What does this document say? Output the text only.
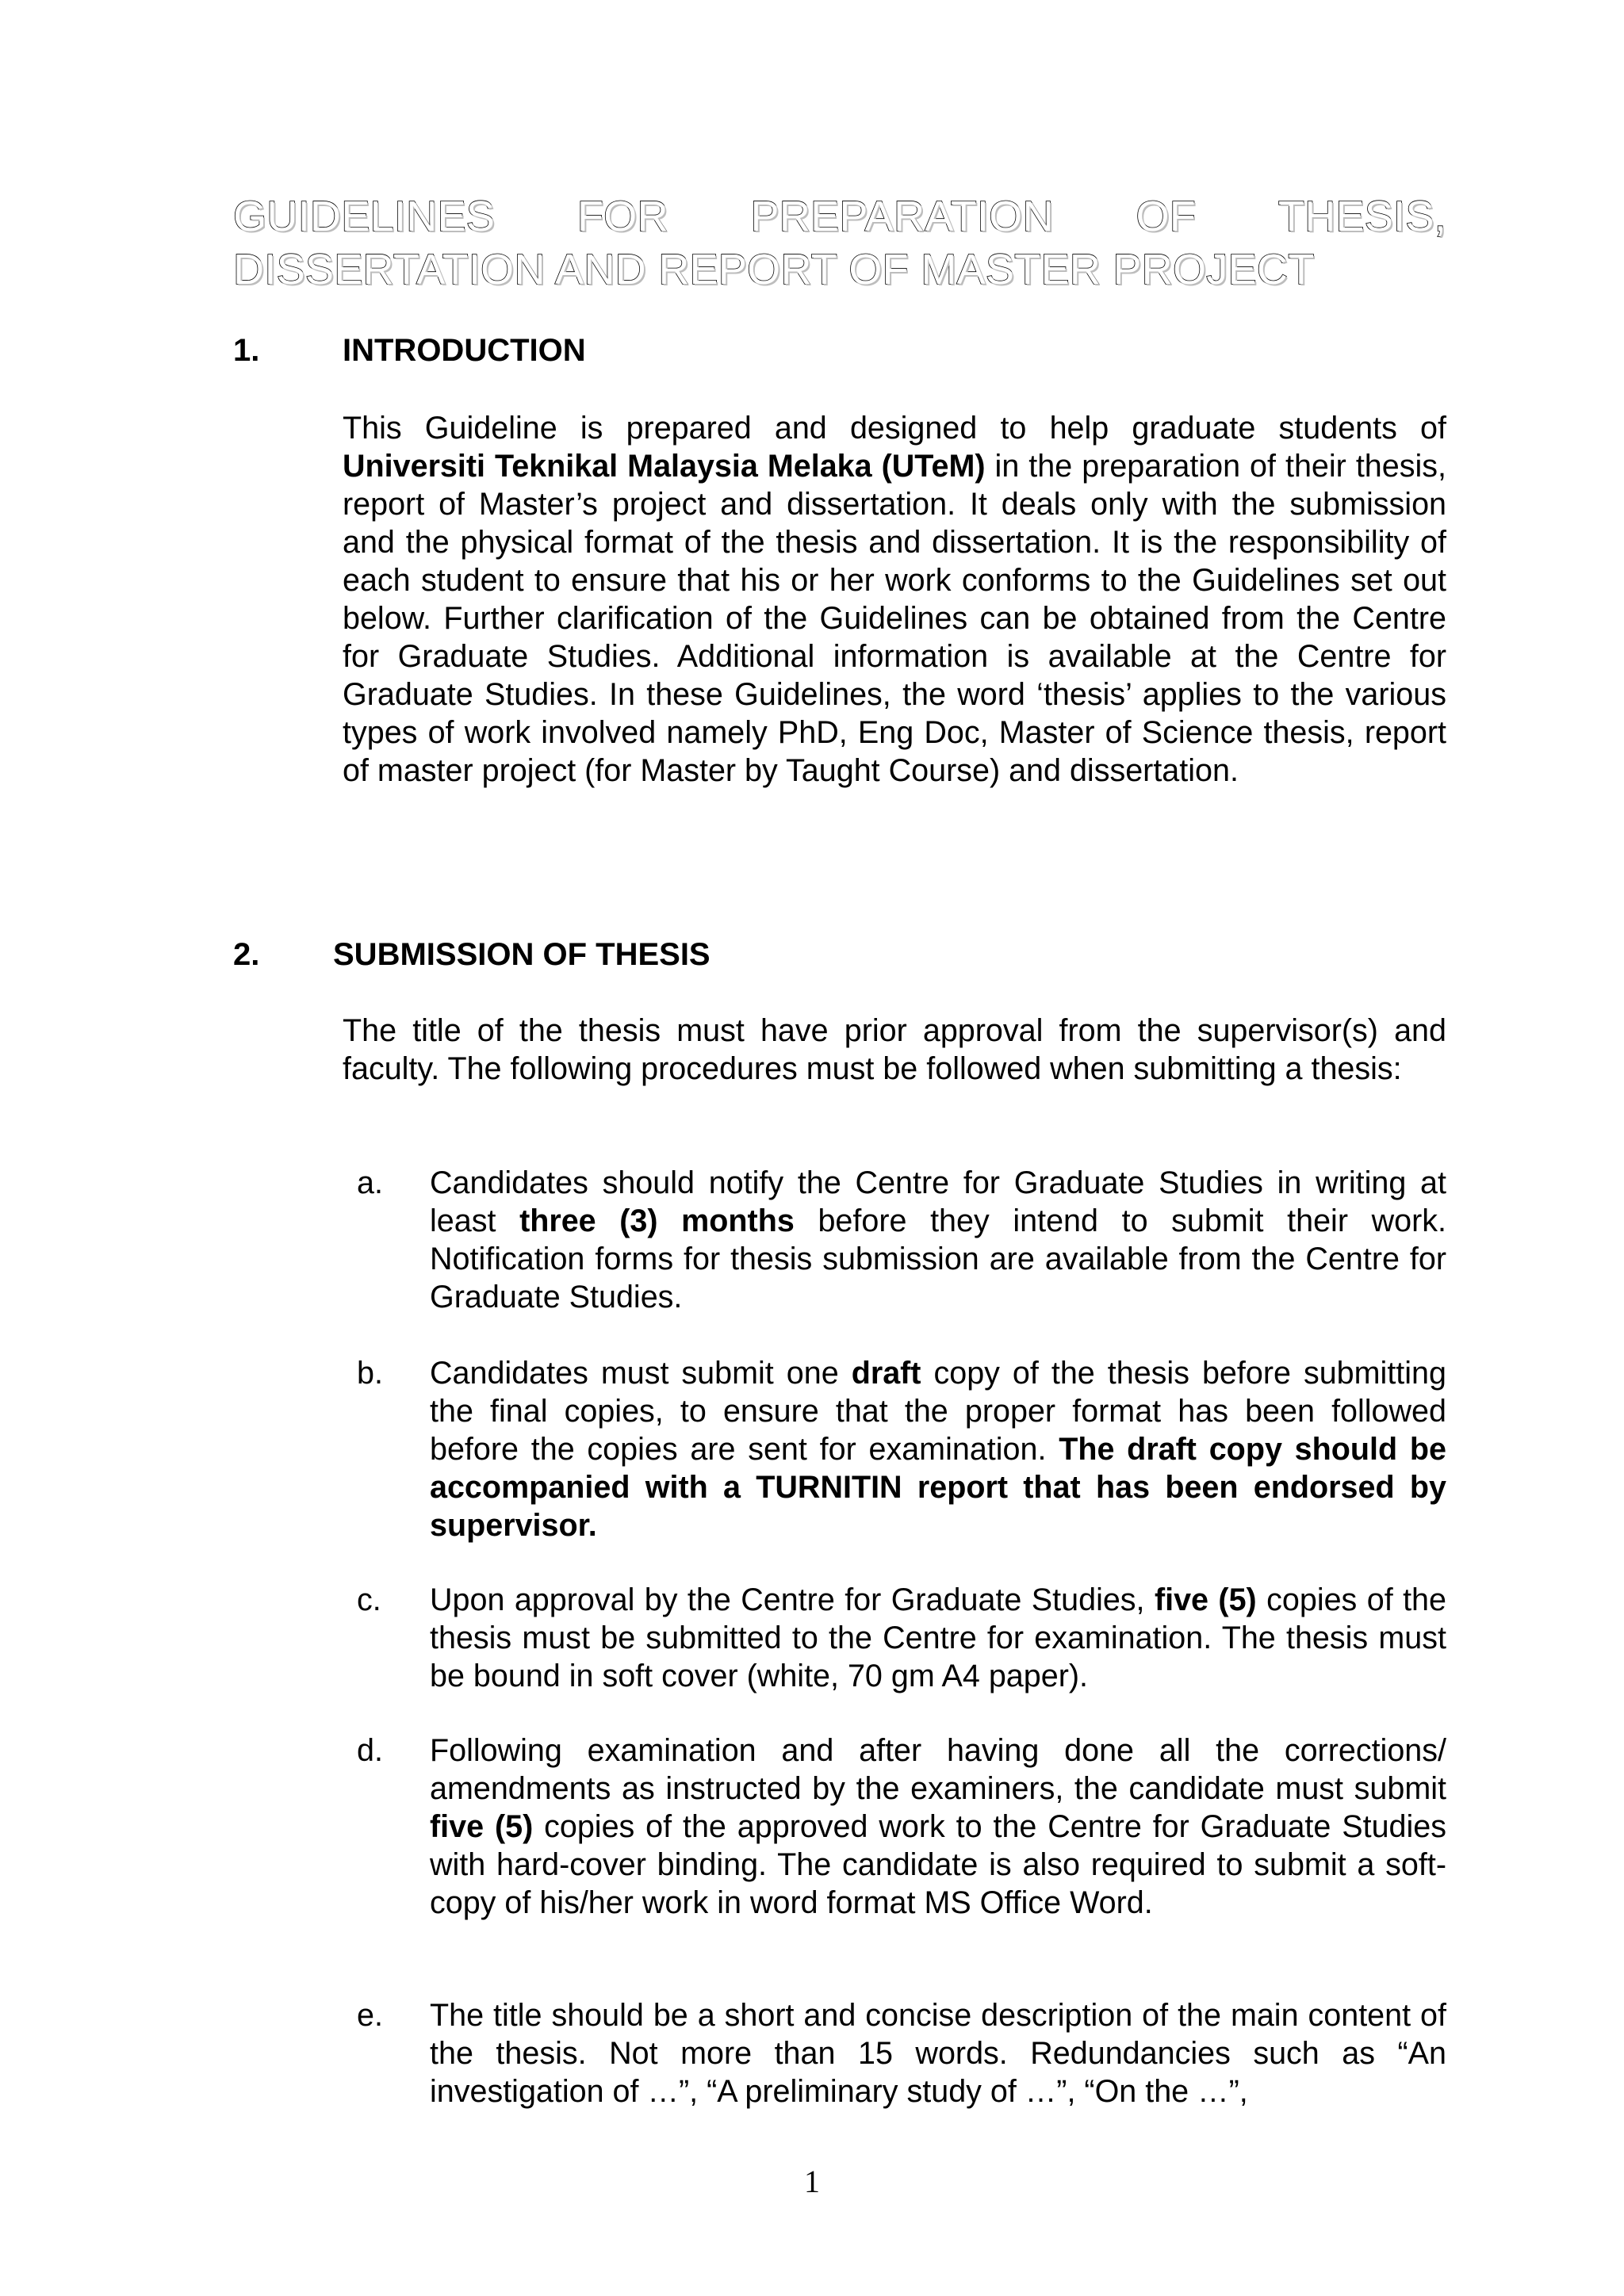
GUIDELINES FOR PREPARATION OF THESIS,
DISSERTATION AND REPORT OF MASTER PROJECT
1.	INTRODUCTION

This Guideline is prepared and designed to help graduate students of Universiti Teknikal Malaysia Melaka (UTeM) in the preparation of their thesis, report of Master’s project and dissertation. It deals only with the submission and the physical format of the thesis and dissertation. It is the responsibility of each student to ensure that his or her work conforms to the Guidelines set out below. Further clarification of the Guidelines can be obtained from the Centre for Graduate Studies. Additional information is available at the Centre for Graduate Studies. In these Guidelines, the word ‘thesis’ applies to the various types of work involved namely PhD, Eng Doc, Master of Science thesis, report of master project (for Master by Taught Course) and dissertation.

2. SUBMISSION OF THESIS

The title of the thesis must have prior approval from the supervisor(s) and faculty. The following procedures must be followed when submitting a thesis:

a. Candidates should notify the Centre for Graduate Studies in writing at least three (3) months before they intend to submit their work. Notification forms for thesis submission are available from the Centre for Graduate Studies.

b. Candidates must submit one draft copy of the thesis before submitting the final copies, to ensure that the proper format has been followed before the copies are sent for examination. The draft copy should be accompanied with a TURNITIN report that has been endorsed by supervisor.

c. Upon approval by the Centre for Graduate Studies, five (5) copies of the thesis must be submitted to the Centre for examination. The thesis must be bound in soft cover (white, 70 gm A4 paper).

d. Following examination and after having done all the corrections/ amendments as instructed by the examiners, the candidate must submit five (5) copies of the approved work to the Centre for Graduate Studies with hard-cover binding. The candidate is also required to submit a soft-copy of his/her work in word format MS Office Word.

e. The title should be a short and concise description of the main content of the thesis. Not more than 15 words. Redundancies such as “An investigation of …”, “A preliminary study of …”, “On the …”,

1
